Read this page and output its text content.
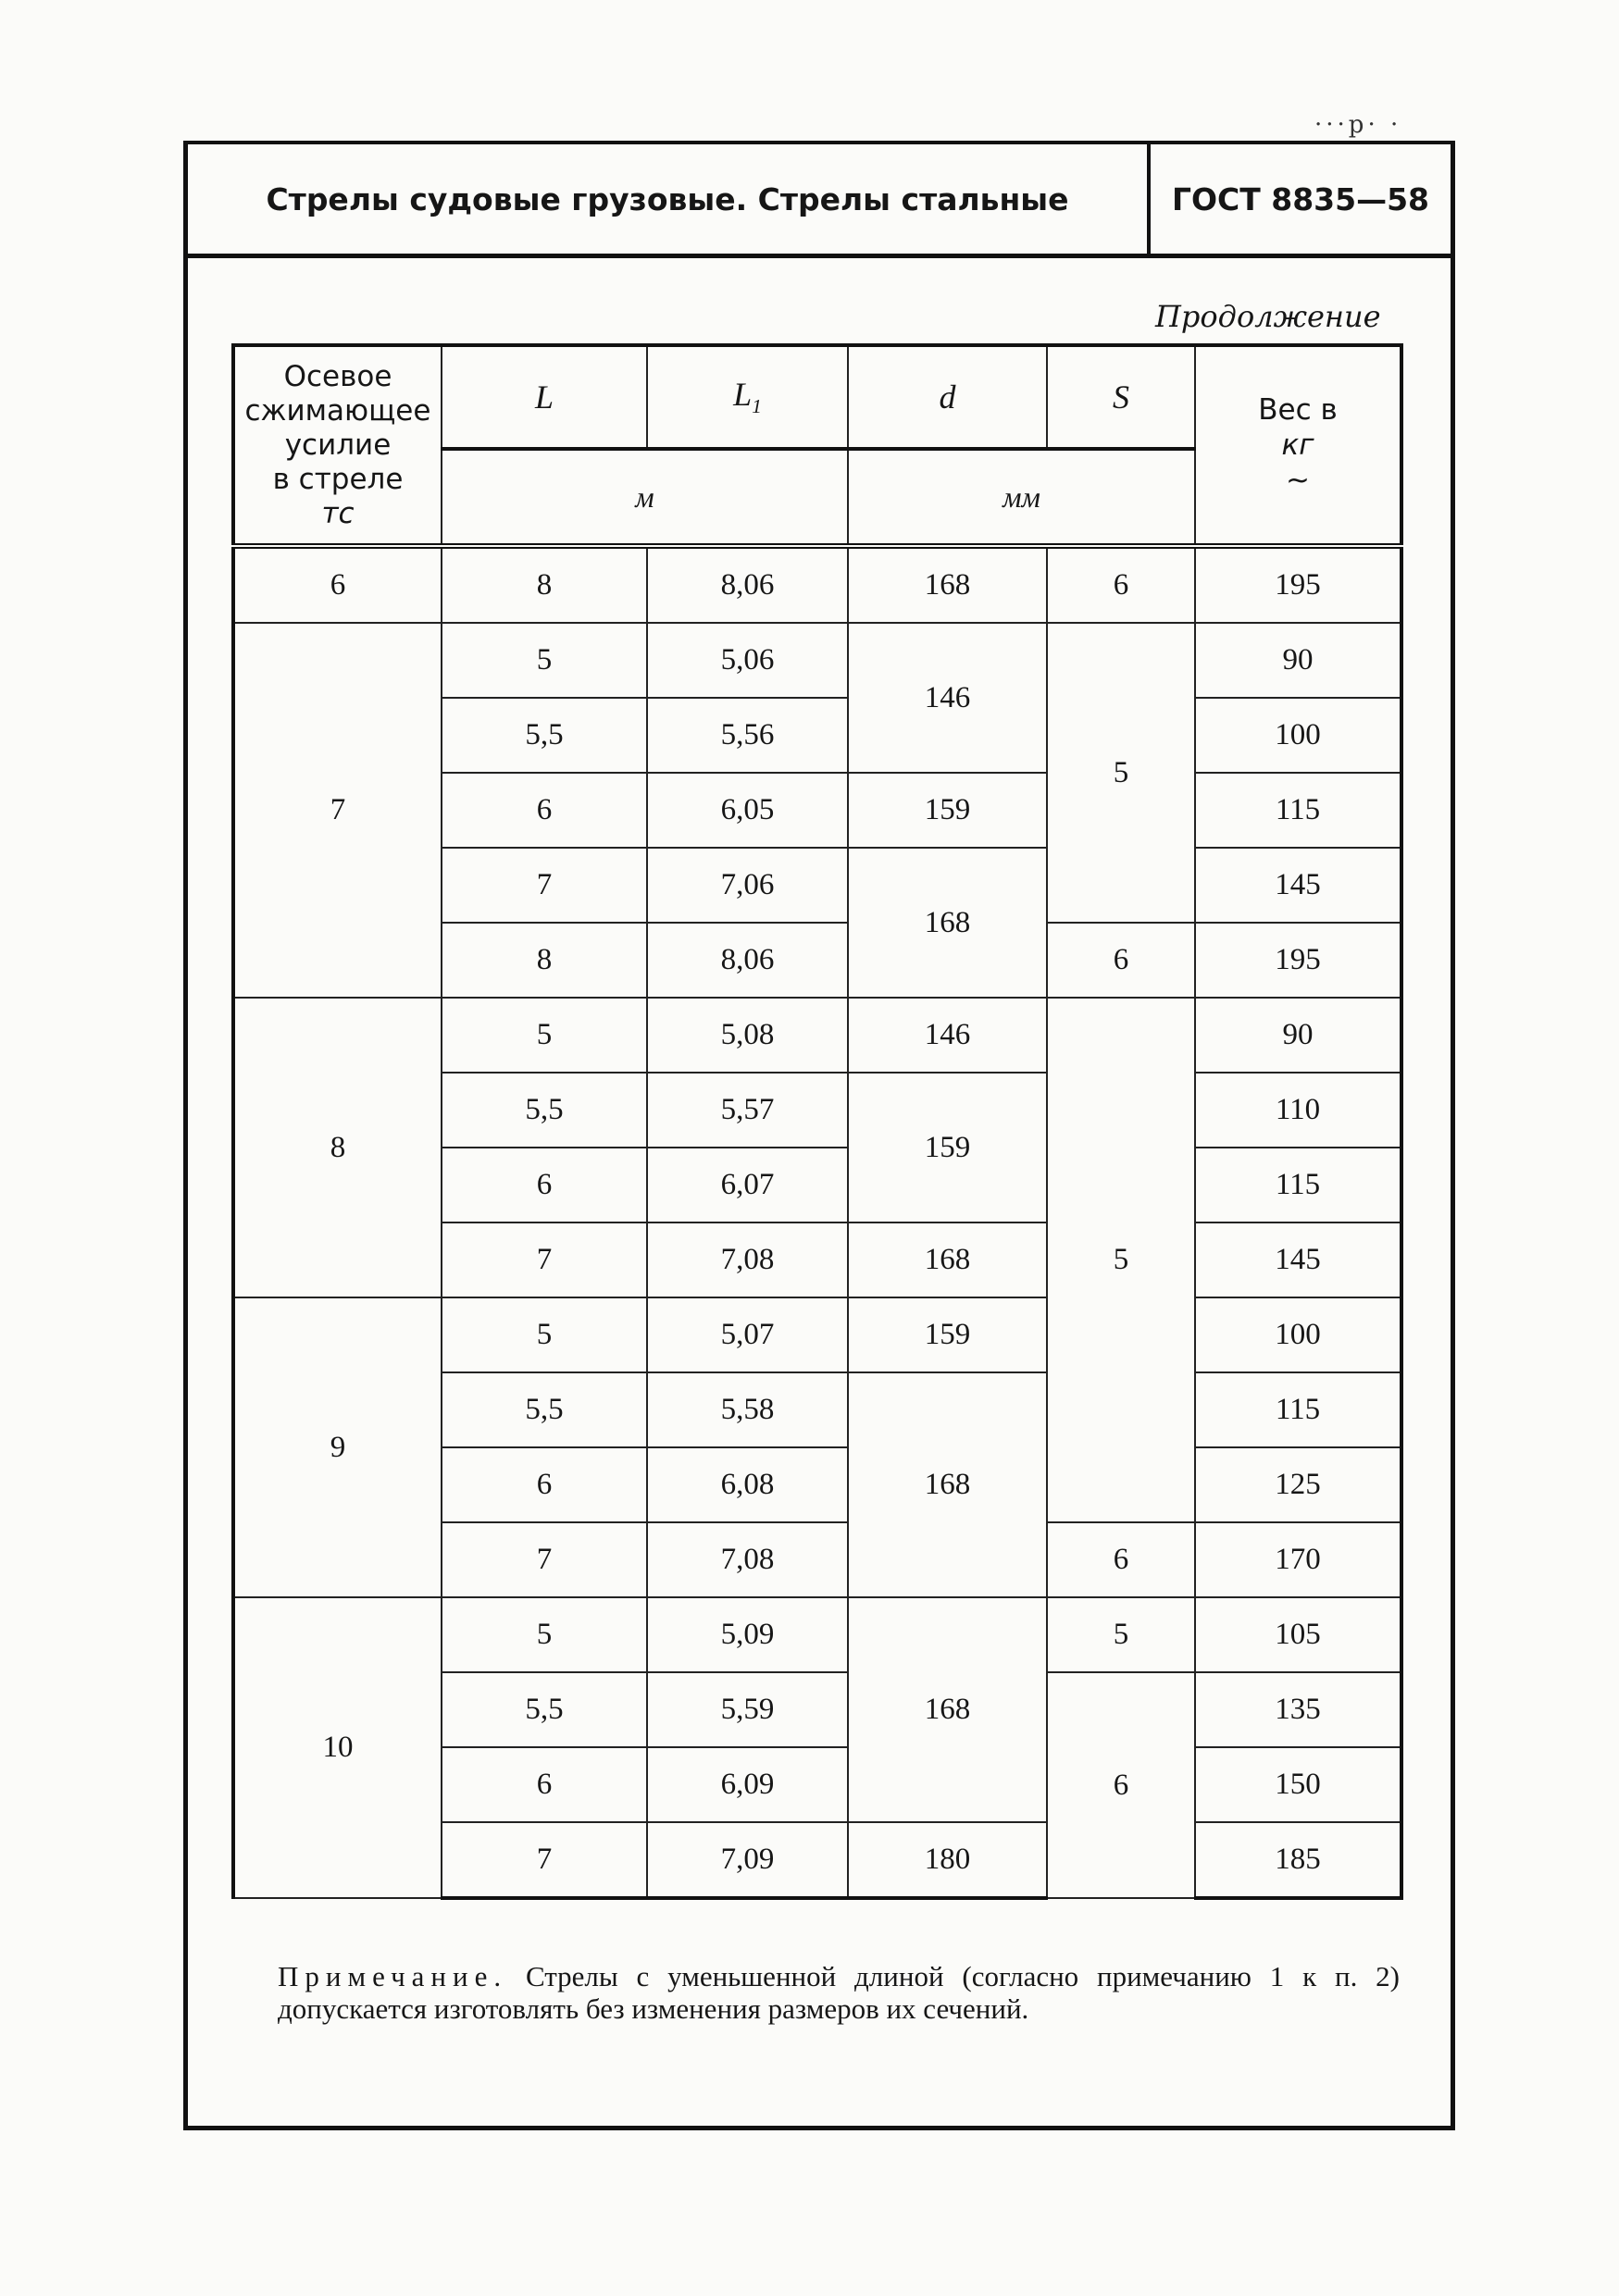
···р· ·
Стрелы судовые грузовые. Стрелы стальные	ГОСТ 8835—58
Продолжение
Осевое
сжимающее
усилие
в стреле
тс	L	$L_1$	d	S	Вес в
кг
~
	м		мм		
6	8	8,06	168	6	195
7	5	5,06	146	5	90
	5,5	5,56			100
	6	6,05	159		115
	7	7,06	168		145
	8	8,06		6	195
8	5	5,08	146	5	90
	5,5	5,57	159		110
	6	6,07			115
	7	7,08	168		145
9	5	5,07	159		100
	5,5	5,58	168		115
	6	6,08			125
	7	7,08		6	170
10	5	5,09	168	5	105
	5,5	5,59		6	135
	6	6,09			150
	7	7,09	180		185
Примечание. Стрелы с уменьшенной длиной (согласно примечанию 1 к п. 2) допускается изготовлять без изменения размеров их сечений.
